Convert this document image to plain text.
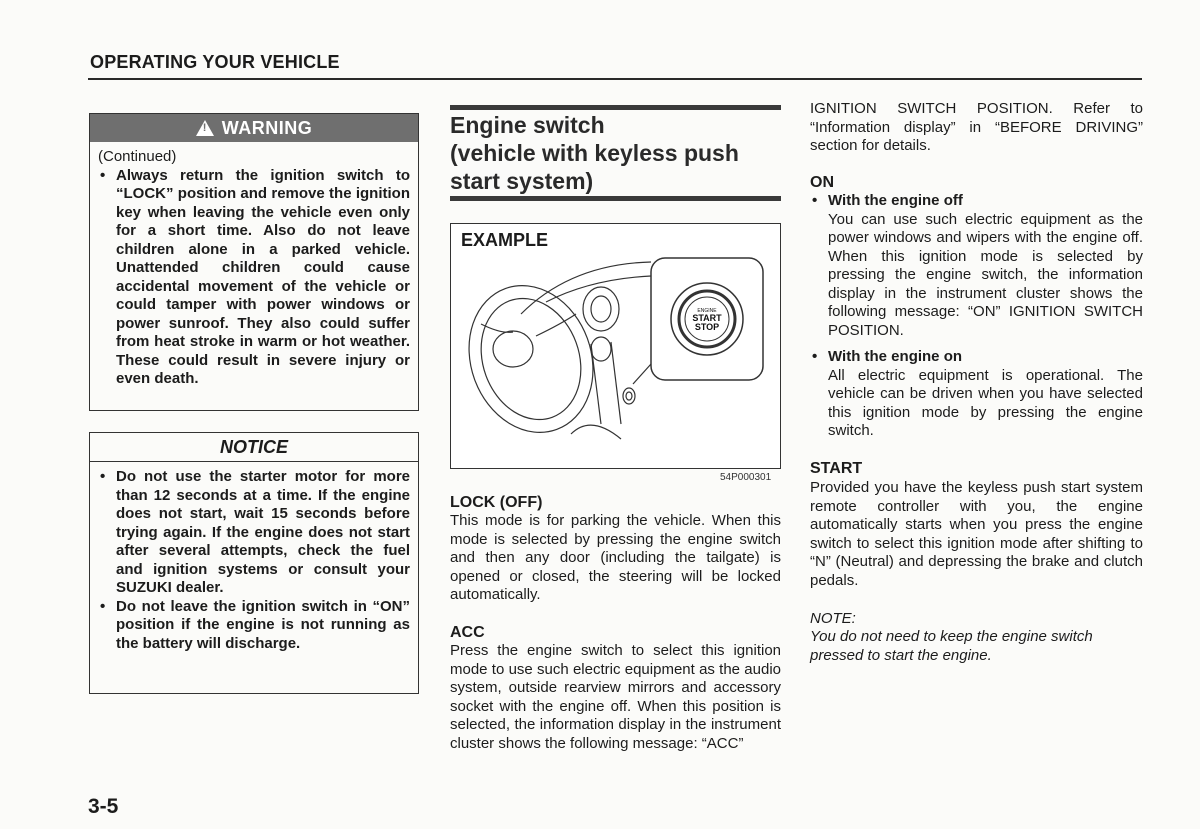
OPERATING YOUR VEHICLE
!
WARNING
(Continued)
• Always return the ignition switch to “LOCK” position and remove the ignition key when leaving the vehicle even only for a short time. Also do not leave children alone in a parked vehicle. Unattended children could cause accidental movement of the vehicle or could tamper with power windows or power sunroof. They also could suffer from heat stroke in warm or hot weather. These could result in severe injury or even death.
NOTICE
• Do not use the starter motor for more than 12 seconds at a time. If the engine does not start, wait 15 seconds before trying again. If the engine does not start after several attempts, check the fuel and ignition systems or consult your SUZUKI dealer.
• Do not leave the ignition switch in “ON” position if the engine is not running as the battery will discharge.
Engine switch
(vehicle with keyless push
start system)
EXAMPLE
ENGINE
START
STOP
54P000301
LOCK (OFF)
This mode is for parking the vehicle. When this mode is selected by pressing the engine switch and then any door (including the tailgate) is opened or closed, the steering will be locked automatically.
ACC
Press the engine switch to select this ignition mode to use such electric equipment as the audio system, outside rearview mirrors and accessory socket with the engine off. When this position is selected, the information display in the instrument cluster shows the following message: “ACC”
IGNITION SWITCH POSITION. Refer to “Information display” in “BEFORE DRIVING” section for details.
ON
• With the engine off

You can use such electric equipment as the power windows and wipers with the engine off. When this ignition mode is selected by pressing the engine switch, the information display in the instrument cluster shows the following message: “ON” IGNITION SWITCH POSITION.

• With the engine on

All electric equipment is operational. The vehicle can be driven when you have selected this ignition mode by pressing the engine switch.

START
Provided you have the keyless push start system remote controller with you, the engine automatically starts when you press the engine switch to select this ignition mode after shifting to “N” (Neutral) and depressing the brake and clutch pedals.
NOTE:
You do not need to keep the engine switch pressed to start the engine.
3-5
